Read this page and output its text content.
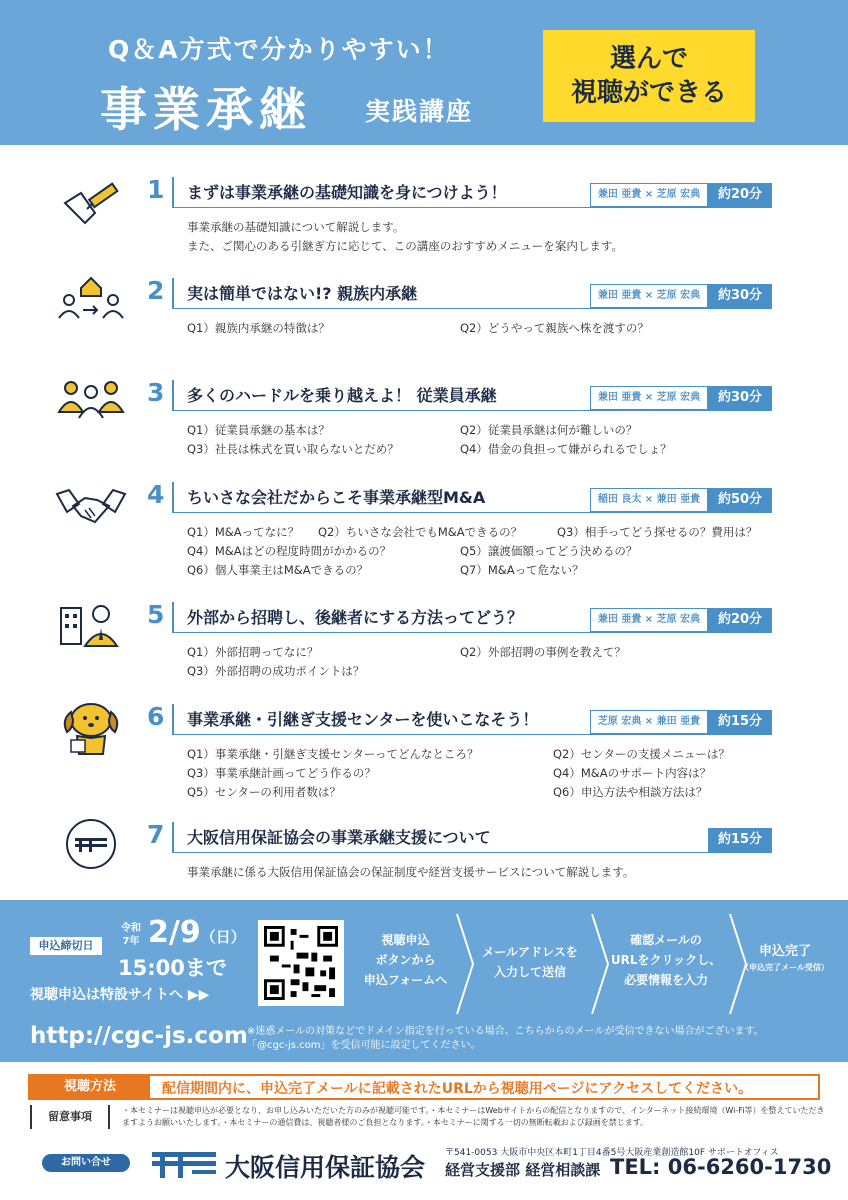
Q＆A方式で分かりやすい！
事業承継 実践講座
選んで
視聴ができる
1 まずは事業承継の基礎知識を身につけよう！	兼田 亜貴 × 芝原 宏典	約20分
事業承継の基礎知識について解説します。
また、ご関心のある引継ぎ方に応じて、この講座のおすすめメニューを案内します。
2 実は簡単ではない!? 親族内承継	兼田 亜貴 × 芝原 宏典	約30分
Q1）親族内承継の特徴は？	Q2）どうやって親族へ株を渡すの？
3 多くのハードルを乗り越えよ！ 従業員承継	兼田 亜貴 × 芝原 宏典	約30分
Q1）従業員承継の基本は？	Q2）従業員承継は何が難しいの？
Q3）社長は株式を買い取らないとだめ？	Q4）借金の負担って嫌がられるでしょ？
4 ちいさな会社だからこそ事業承継型M&A	稲田 良太 × 兼田 亜貴	約50分
Q1）M&Aってなに？ Q2）ちいさな会社でもM&Aできるの？	Q3）相手ってどう探せるの？費用は？
Q4）M&Aはどの程度時間がかかるの？	Q5）譲渡価額ってどう決めるの？
Q6）個人事業主はM&Aできるの？	Q7）M&Aって危ない？
5 外部から招聘し、後継者にする方法ってどう？	兼田 亜貴 × 芝原 宏典	約20分
Q1）外部招聘ってなに？	Q2）外部招聘の事例を教えて？
Q3）外部招聘の成功ポイントは？
6 事業承継・引継ぎ支援センターを使いこなそう！	芝原 宏典 × 兼田 亜貴	約15分
Q1）事業承継・引継ぎ支援センターってどんなところ？	Q2）センターの支援メニューは？
Q3）事業承継計画ってどう作るの？	Q4）M&Aのサポート内容は？
Q5）センターの利用者数は？	Q6）申込方法や相談方法は？
7 大阪信用保証協会の事業承継支援について	約15分
事業承継に係る大阪信用保証協会の保証制度や経営支援サービスについて解説します。
申込締切日
令和
7年 2/9（日）
15:00まで
視聴申込は特設サイトへ ▶▶
視聴申込
ボタンから
申込フォームへ
メールアドレスを
入力して送信
確認メールの
URLをクリックし、
必要情報を入力
申込完了
（申込完了メール受信）
http://cgc-js.com ※迷惑メールの対策などでドメイン指定を行っている場合、こちらからのメールが受信できない場合がございます。
「@cgc-js.com」を受信可能に設定してください。
視聴方法	配信期間内に、申込完了メールに記載されたURLから視聴用ページにアクセスしてください。
留意事項	・本セミナーは視聴申込が必要となり、お申し込みいただいた方のみが視聴可能です。・本セミナーはWebサイトからの配信となりますので、インターネット接続環境（Wi-Fi等）を整えていただきますようお願いいたします。・本セミナーの通信費は、視聴者様のご負担となります。・本セミナーに関する一切の無断転載および録画を禁じます。
お問い合せ	大阪信用保証協会 〒541-0053 大阪市中央区本町1丁目4番5号大阪産業創造館10F サポートオフィス
経営支援部 経営相談課 TEL: 06-6260-1730
